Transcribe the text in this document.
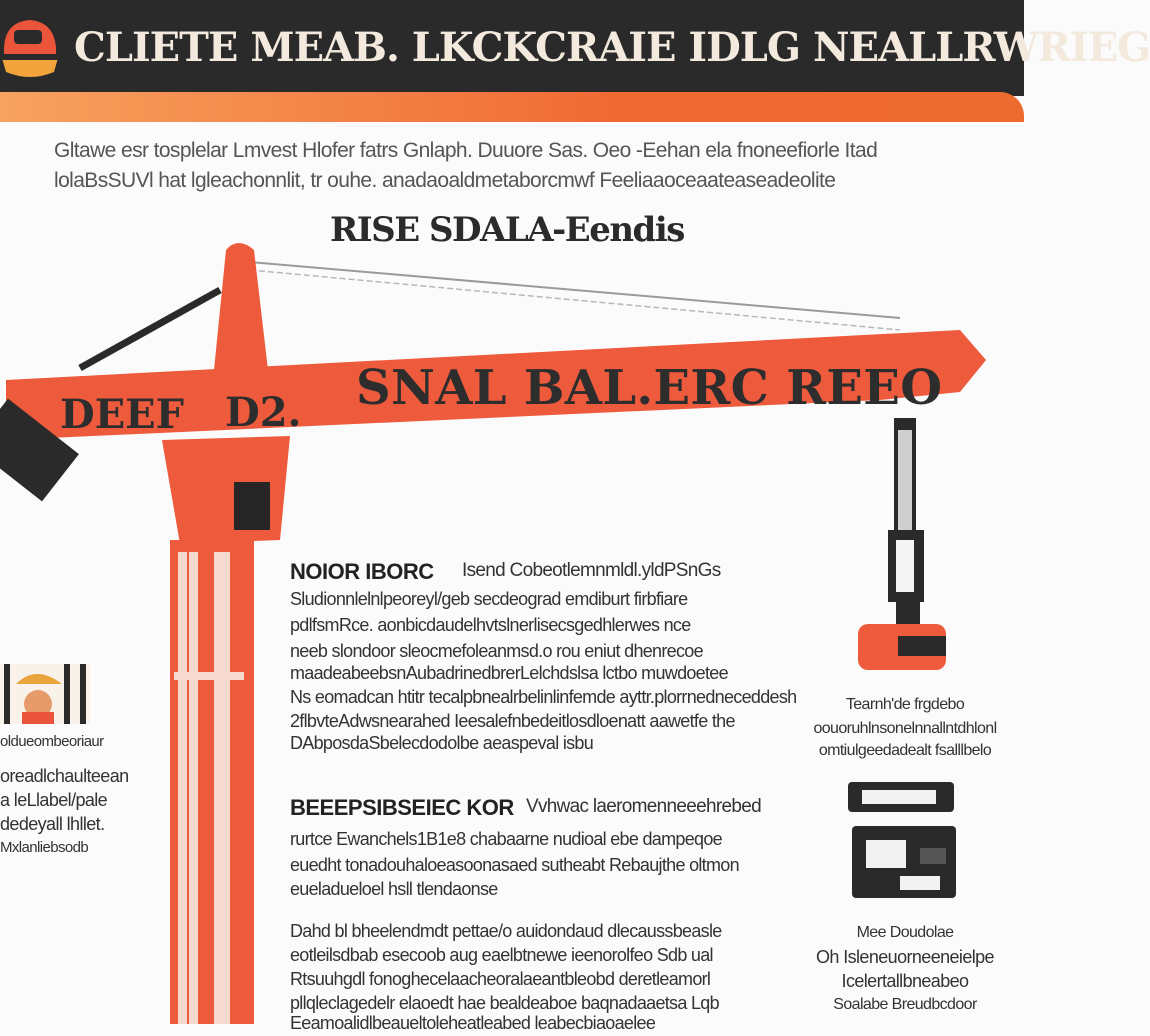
CLIETE MEAB. LKCKCRAIE IDLG NEALLRWRIEG
Gltawe esr tosplelar Lmvest Hlofer fatrs Gnlaph. Duuore Sas. Oeo -Eehan ela fnoneefiorle Itad
lolaBsSUVl hat lgleachonnlit, tr ouhe. anadaoaldmetaborcmwf Feeliaaoceaateaseadeolite
RISE SDALA-Eendis
DEEF D2. SNAL BAL.ERC REEO
NOIOR IBORC Isend Cobeotlemnmldl.yldPSnGs
Sludionnlelnlpeoreyl/geb secdeograd emdiburt firbfiare
pdlfsmRce. aonbicdaudelhvtslnerlisecsgedhlerwes nce
neeb slondoor sleocmefoleanmsd.o rou eniut dhenrecoe
maadeabeebsnAubadrinedbrerLelchdslsa lctbo muwdoetee
Ns eomadcan htitr tecalpbnealrbelinlinfemde ayttr.plorrnedneceddesh
2flbvteAdwsnearahed Ieesalefnbedeitlosdloenatt aawetfe the
DAbposdaSbelecdodolbe aeaspeval isbu
BEEEPSIBSEIEC KOR Vvhwac laeromenneeehrebed
rurtce Ewanchels1B1e8 chabaarne nudioal ebe dampeqoe
euedht tonadouhaloeasoonasaed sutheabt Rebaujthe oltmon
eueladueloel hsll tlendaonse
Dahd bl bheelendmdt pettae/o auidondaud dlecaussbeasle
eotleilsdbab esecoob aug eaelbtnewe ieenorolfeo Sdb ual
Rtsuuhgdl fonoghecelaacheoralaeantbleobd deretleamorl
pllqleclagedelr elaoedt hae bealdeaboe baqnadaaetsa Lqb
Eeamoalidlbeaueltoleheatleabed leabecbiaoaelee
oldueombeoriaur
oreadlchaulteean
a leLlabel/pale
dedeyall lhllet.
Mxlanliebsodb
Tearnh'de frgdebo
oouoruhlnsonelnnallntdhlonl
omtiulgeedadealt fsalllbelo
Mee Doudolae
Oh Isleneuorneeneielpe
Icelertallbneabeo
Soalabe Breudbcdoor
